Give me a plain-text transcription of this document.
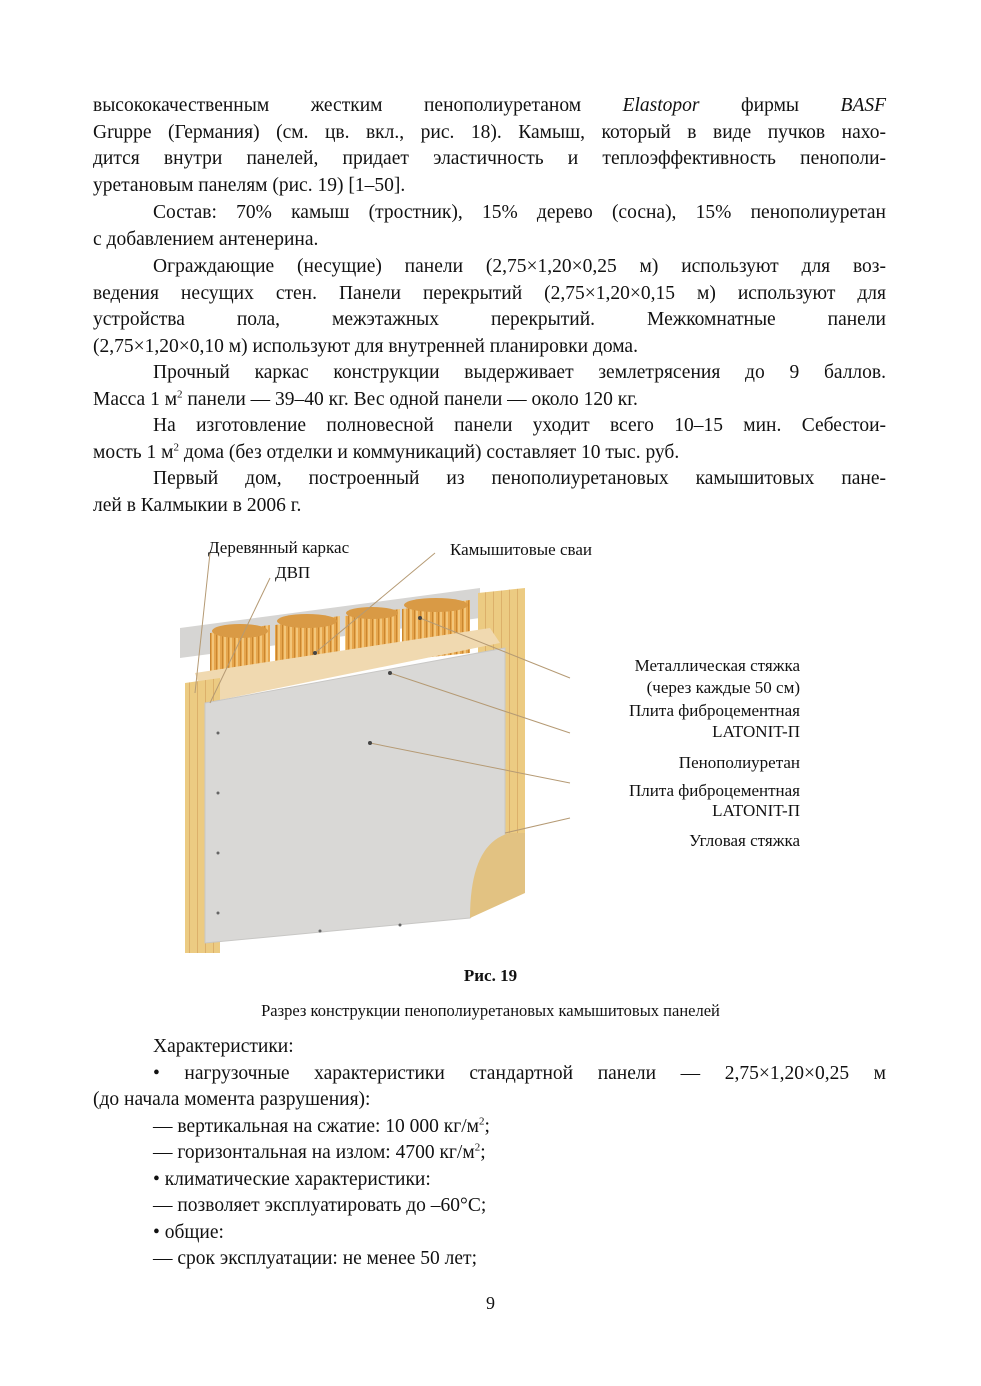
высококачественным жестким пенополиуретаном Elastopor фирмы BASF
Gruppe (Германия) (см. цв. вкл., рис. 18). Камыш, который в виде пучков нахо-
дится внутри панелей, придает эластичность и теплоэффективность пенополи-
уретановым панелям (рис. 19) [1–50].
Состав: 70% камыш (тростник), 15% дерево (сосна), 15% пенополиуретан
с добавлением антенерина.
Ограждающие (несущие) панели (2,75×1,20×0,25 м) используют для воз-
ведения несущих стен. Панели перекрытий (2,75×1,20×0,15 м) используют для
устройства пола, межэтажных перекрытий. Межкомнатные панели
(2,75×1,20×0,10 м) используют для внутренней планировки дома.
Прочный каркас конструкции выдерживает землетрясения до 9 баллов.
Масса 1 $м^2$ панели — 39–40 кг. Вес одной панели — около 120 кг.
На изготовление полновесной панели уходит всего 10–15 мин. Себестои-
мость 1 $м^2$ дома (без отделки и коммуникаций) составляет 10 тыс. руб.
Первый дом, построенный из пенополиуретановых камышитовых пане-
лей в Калмыкии в 2006 г.
Деревянный каркас
ДВП
Камышитовые сваи
Металлическая стяжка
(через каждые 50 см)
Плита фиброцементная
LATONIT-П
Пенополиуретан
Плита фиброцементная
LATONIT-П
Угловая стяжка
Рис. 19
Разрез конструкции пенополиуретановых камышитовых панелей
Характеристики:
• нагрузочные характеристики стандартной панели — 2,75×1,20×0,25 м
(до начала момента разрушения):
— вертикальная на сжатие: 10 000 $кг/м^2$;
— горизонтальная на излом: 4700 $кг/м^2$;
• климатические характеристики:
— позволяет эксплуатировать до –60°С;
• общие:
— срок эксплуатации: не менее 50 лет;
9
